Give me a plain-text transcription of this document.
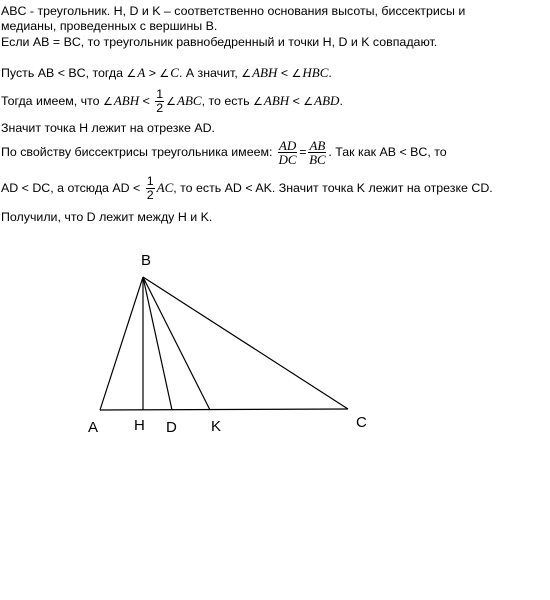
ABC - треугольник. H, D и K – соответственно основания высоты, биссектрисы и
медианы, проведенных с вершины B.
Если AB = BC, то треугольник равнобедренный и точки H, D и K совпадают.
Пусть AB < BC, тогда ∠A > ∠C. А значит, ∠ABH < ∠HBC.
Тогда имеем, что ∠ABH < $\frac{1}{2}$ ∠ABC, то есть ∠ABH < ∠ABD.
Значит точка H лежит на отрезке AD.
По свойству биссектрисы треугольника имеем: $\frac{AD}{DC} = \frac{AB}{BC}$ . Так как AB < BC, то
AD < DC, а отсюда AD < $\frac{1}{2}$ AC, то есть AD < AK. Значит точка K лежит на отрезке CD.
Получили, что D лежит между H и K.
B
A H D K	C
